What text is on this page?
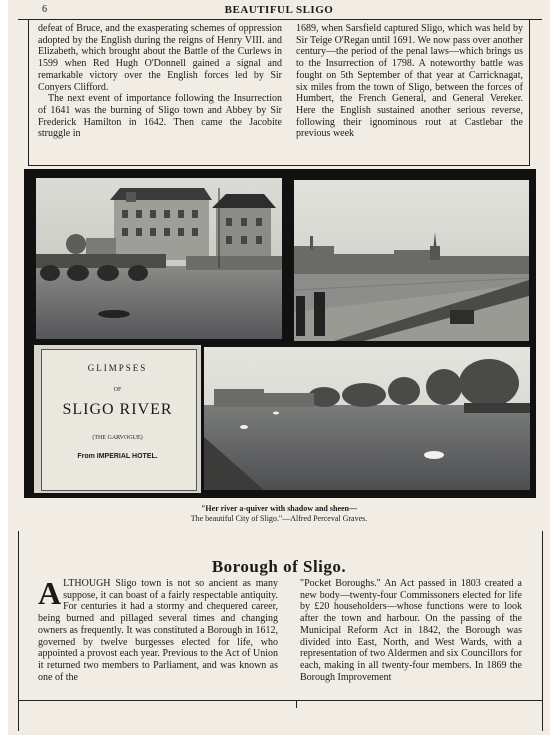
6	BEAUTIFUL SLIGO

defeat of Bruce, and the exasperating schemes of oppression adopted by the English during the reigns of Henry VIII. and Elizabeth, which brought about the Battle of the Curlews in 1599 when Red Hugh O'Donnell gained a signal and remarkable victory over the English forces led by Sir Conyers Clifford.

The next event of importance following the Insurrection of 1641 was the burning of Sligo town and Abbey by Sir Frederick Hamilton in 1642. Then came the Jacobite struggle in

1689, when Sarsfield captured Sligo, which was held by Sir Teige O'Regan until 1691. We now pass over another century—the period of the penal laws—which brings us to the Insurrection of 1798. A noteworthy battle was fought on 5th September of that year at Carricknagat, six miles from the town of Sligo, between the forces of Humbert, the French General, and General Vereker. Here the English sustained another serious reverse, following their ignominous rout at Castlebar the previous week

GLIMPSES
OF
SLIGO RIVER
(THE GARVOGUE)
From IMPERIAL HOTEL.
"Her river a-quiver with shadow and sheen—
The beautiful City of Sligo."—Alfred Perceval Graves.
Borough of Sligo.

ALTHOUGH Sligo town is not so ancient as many suppose, it can boast of a fairly respectable antiquity. For centuries it had a stormy and chequered career, being burned and pillaged several times and changing owners as frequently. It was constituted a Borough in 1612, governed by twelve burgesses elected for life, who appointed a provost each year. Previous to the Act of Union it returned two members to Parliament, and was known as one of the

"Pocket Boroughs." An Act passed in 1803 created a new body—twenty-four Commissoners elected for life by £20 householders—whose functions were to look after the town and harbour. On the passing of the Municipal Reform Act in 1842, the Borough was divided into East, North, and West Wards, with a representation of two Aldermen and six Councillors for each, making in all twenty-four members. In 1869 the Borough Improvement
